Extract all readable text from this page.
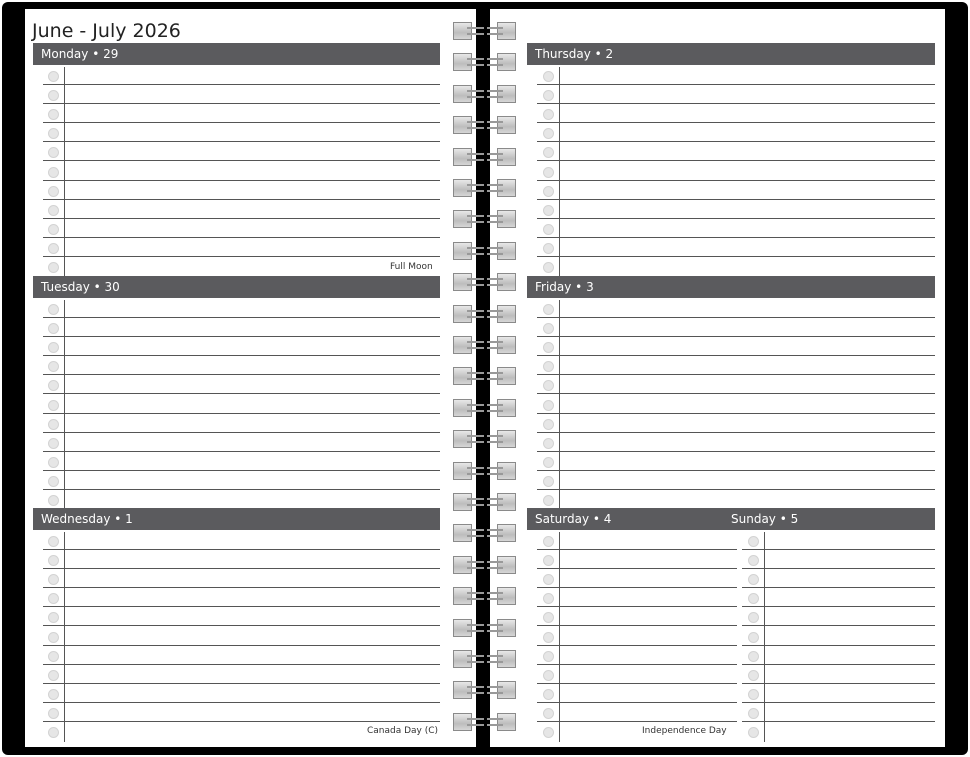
June - July 2026
Monday • 29
Full Moon
Tuesday • 30
Wednesday • 1
Canada Day (C)
Thursday • 2
Friday • 3
Saturday • 4	Sunday • 5
Independence Day
